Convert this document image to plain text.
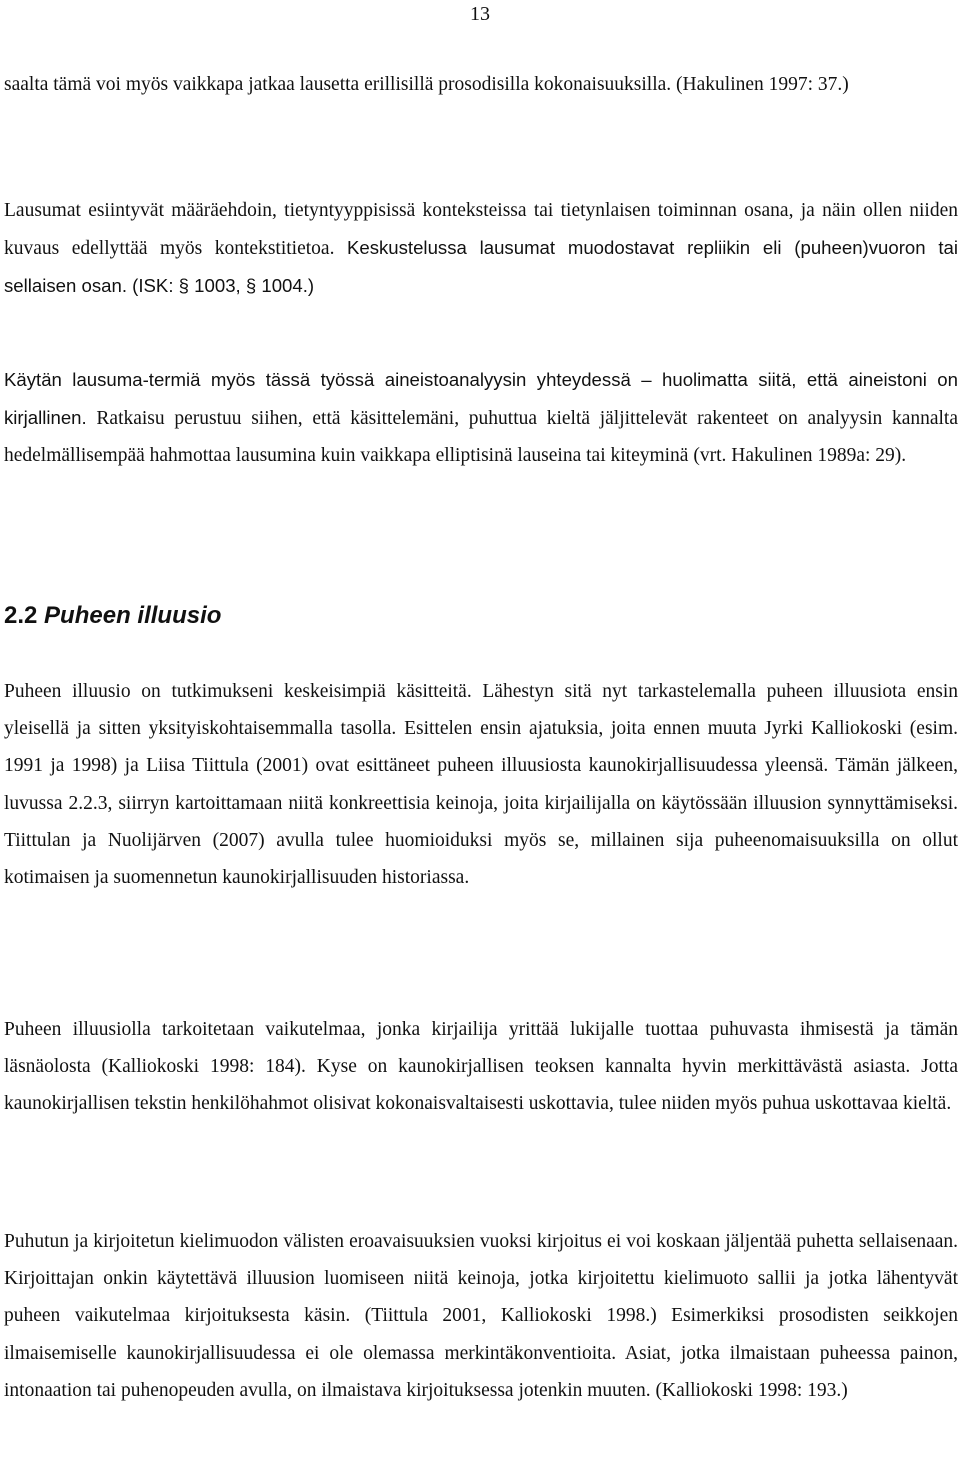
13

saalta tämä voi myös vaikkapa jatkaa lausetta erillisillä prosodisilla kokonaisuuksilla. (Hakulinen 1997: 37.)

Lausumat esiintyvät määräehdoin, tietyntyyppisissä konteksteissa tai tietynlaisen toiminnan osana, ja näin ollen niiden kuvaus edellyttää myös kontekstitietoa. Keskustelussa lausumat muodostavat repliikin eli (puheen)vuoron tai sellaisen osan. (ISK: § 1003, § 1004.)

Käytän lausuma-termiä myös tässä työssä aineistoanalyysin yhteydessä – huolimatta siitä, että aineistoni on kirjallinen. Ratkaisu perustuu siihen, että käsittelemäni, puhuttua kieltä jäljittelevät rakenteet on analyysin kannalta hedelmällisempää hahmottaa lausumina kuin vaikkapa elliptisinä lauseina tai kiteyminä (vrt. Hakulinen 1989a: 29).

2.2 Puheen illuusio

Puheen illuusio on tutkimukseni keskeisimpiä käsitteitä. Lähestyn sitä nyt tarkastelemalla puheen illuusiota ensin yleisellä ja sitten yksityiskohtaisemmalla tasolla. Esittelen ensin ajatuksia, joita ennen muuta Jyrki Kalliokoski (esim. 1991 ja 1998) ja Liisa Tiittula (2001) ovat esittäneet puheen illuusiosta kaunokirjallisuudessa yleensä. Tämän jälkeen, luvussa 2.2.3, siirryn kartoittamaan niitä konkreettisia keinoja, joita kirjailijalla on käytössään illuusion synnyttämiseksi. Tiittulan ja Nuolijärven (2007) avulla tulee huomioiduksi myös se, millainen sija puheenomaisuuksilla on ollut kotimaisen ja suomennetun kaunokirjallisuuden historiassa.

Puheen illuusiolla tarkoitetaan vaikutelmaa, jonka kirjailija yrittää lukijalle tuottaa puhuvasta ihmisestä ja tämän läsnäolosta (Kalliokoski 1998: 184). Kyse on kaunokirjallisen teoksen kannalta hyvin merkittävästä asiasta. Jotta kaunokirjallisen tekstin henkilöhahmot olisivat kokonaisvaltaisesti uskottavia, tulee niiden myös puhua uskottavaa kieltä.

Puhutun ja kirjoitetun kielimuodon välisten eroavaisuuksien vuoksi kirjoitus ei voi koskaan jäljentää puhetta sellaisenaan. Kirjoittajan onkin käytettävä illuusion luomiseen niitä keinoja, jotka kirjoitettu kielimuoto sallii ja jotka lähentyvät puheen vaikutelmaa kirjoituksesta käsin. (Tiittula 2001, Kalliokoski 1998.) Esimerkiksi prosodisten seikkojen ilmaisemiselle kaunokirjallisuudessa ei ole olemassa merkintäkonventioita. Asiat, jotka ilmaistaan puheessa painon, intonaation tai puhenopeuden avulla, on ilmaistava kirjoituksessa jotenkin muuten. (Kalliokoski 1998: 193.)
